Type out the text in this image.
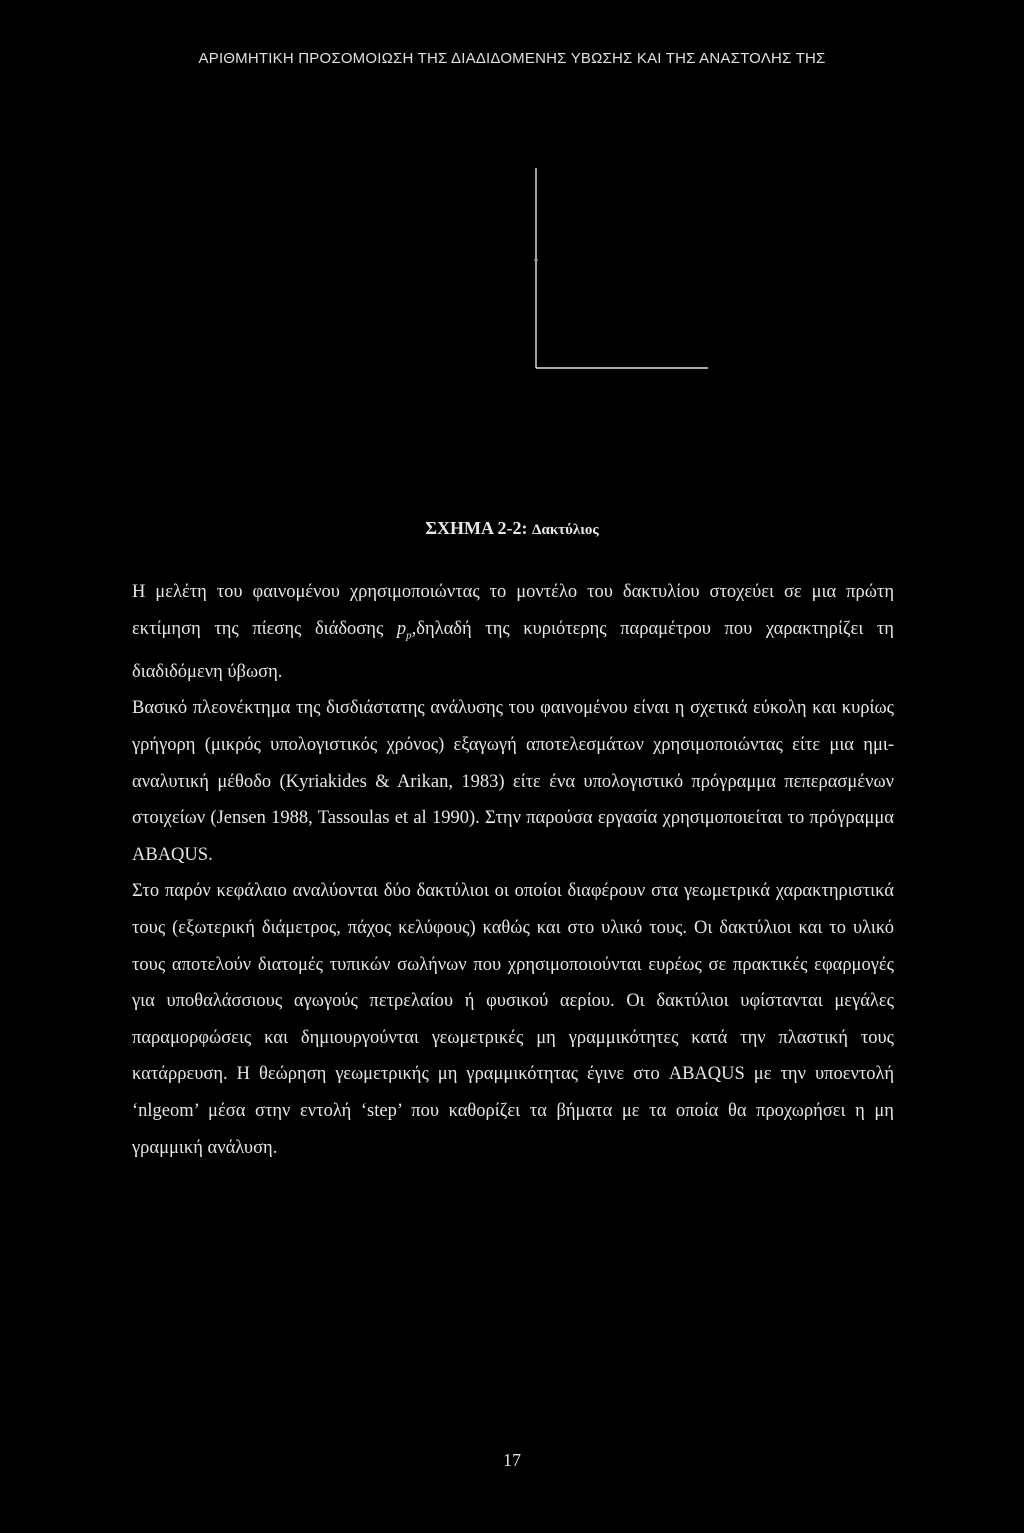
ΑΡΙΘΜΗΤΙΚΗ ΠΡΟΣΟΜΟΙΩΣΗ ΤΗΣ ΔΙΑΔΙΔΟΜΕΝΗΣ ΥΒΩΣΗΣ ΚΑΙ ΤΗΣ ΑΝΑΣΤΟΛΗΣ ΤΗΣ
ΣΧΗΜΑ 2-2: Δακτύλιος

Η μελέτη του φαινομένου χρησιμοποιώντας το μοντέλο του δακτυλίου στοχεύει σε μια πρώτη εκτίμηση της πίεσης διάδοσης $p_p,\delta\eta\lambda\alpha\delta ή$ της κυριότερης παραμέτρου που χαρακτηρίζει τη διαδιδόμενη ύβωση.

Βασικό πλεονέκτημα της δισδιάστατης ανάλυσης του φαινομένου είναι η σχετικά εύκολη και κυρίως γρήγορη (μικρός υπολογιστικός χρόνος) εξαγωγή αποτελεσμάτων χρησιμοποιώντας είτε μια ημι-αναλυτική μέθοδο (Kyriakides & Arikan, 1983) είτε ένα υπολογιστικό πρόγραμμα πεπερασμένων στοιχείων (Jensen 1988, Tassoulas et al 1990). Στην παρούσα εργασία χρησιμοποιείται το πρόγραμμα ABAQUS.

Στο παρόν κεφάλαιο αναλύονται δύο δακτύλιοι οι οποίοι διαφέρουν στα γεωμετρικά χαρακτηριστικά τους (εξωτερική διάμετρος, πάχος κελύφους) καθώς και στο υλικό τους. Οι δακτύλιοι και το υλικό τους αποτελούν διατομές τυπικών σωλήνων που χρησιμοποιούνται ευρέως σε πρακτικές εφαρμογές για υποθαλάσσιους αγωγούς πετρελαίου ή φυσικού αερίου. Οι δακτύλιοι υφίστανται μεγάλες παραμορφώσεις και δημιουργούνται γεωμετρικές μη γραμμικότητες κατά την πλαστική τους κατάρρευση. Η θεώρηση γεωμετρικής μη γραμμικότητας έγινε στο ABAQUS με την υποεντολή ‘nlgeom’ μέσα στην εντολή ‘step’ που καθορίζει τα βήματα με τα οποία θα προχωρήσει η μη γραμμική ανάλυση.

17
